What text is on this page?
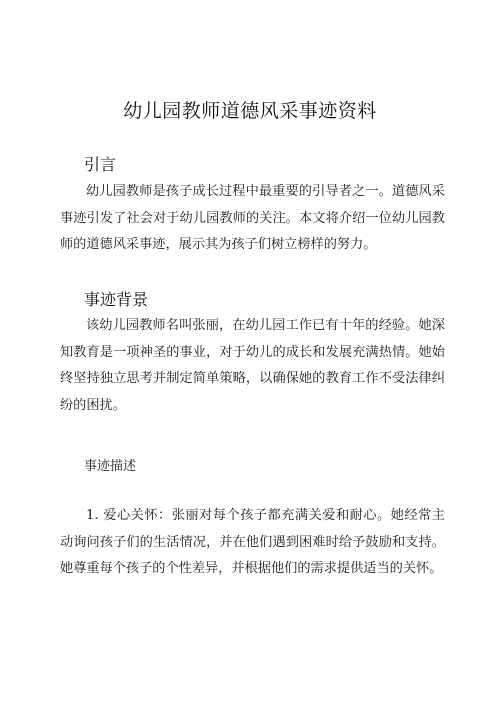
幼儿园教师道德风采事迹资料
引言

幼儿园教师是孩子成长过程中最重要的引导者之一。道德风采事迹引发了社会对于幼儿园教师的关注。本文将介绍一位幼儿园教师的道德风采事迹，展示其为孩子们树立榜样的努力。

事迹背景

该幼儿园教师名叫张丽，在幼儿园工作已有十年的经验。她深知教育是一项神圣的事业，对于幼儿的成长和发展充满热情。她始终坚持独立思考并制定简单策略，以确保她的教育工作不受法律纠纷的困扰。

事迹描述

1. 爱心关怀：张丽对每个孩子都充满关爱和耐心。她经常主动询问孩子们的生活情况，并在他们遇到困难时给予鼓励和支持。她尊重每个孩子的个性差异，并根据他们的需求提供适当的关怀。
